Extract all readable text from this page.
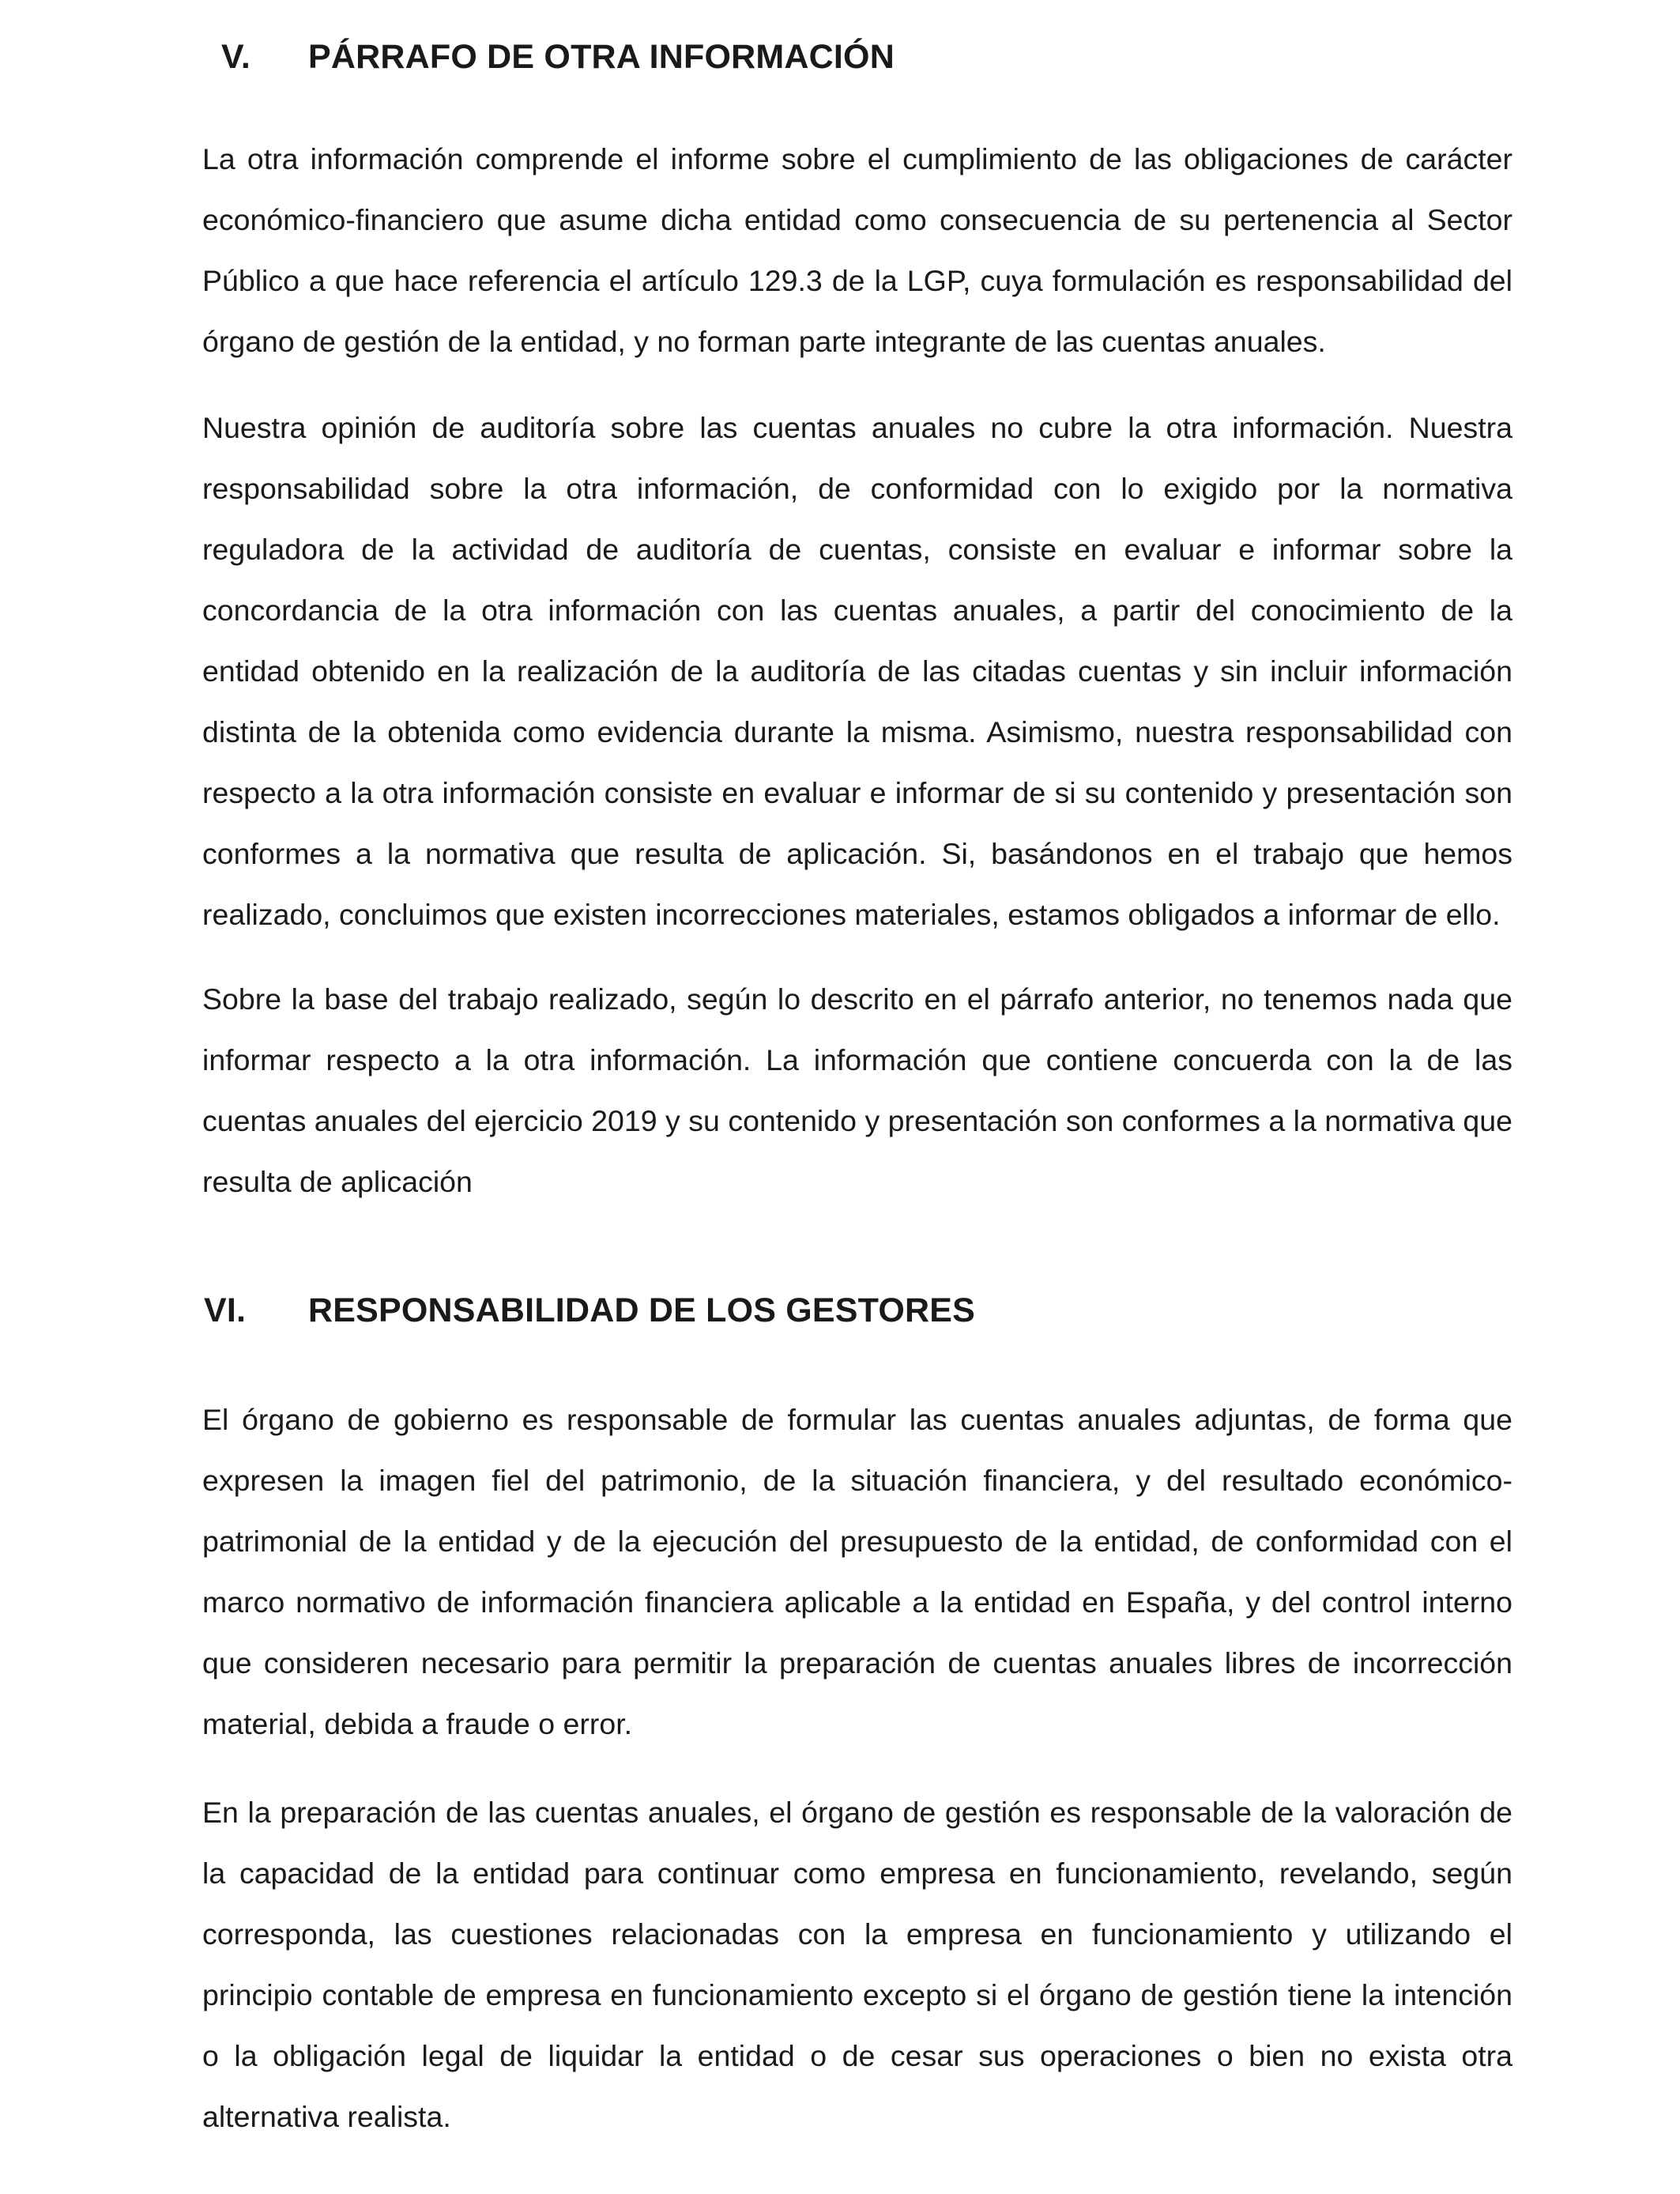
V. PÁRRAFO DE OTRA INFORMACIÓN

La otra información comprende el informe sobre el cumplimiento de las obligaciones de carácter económico-financiero que asume dicha entidad como consecuencia de su pertenencia al Sector Público a que hace referencia el artículo 129.3 de la LGP, cuya formulación es responsabilidad del órgano de gestión de la entidad, y no forman parte integrante de las cuentas anuales.

Nuestra opinión de auditoría sobre las cuentas anuales no cubre la otra información. Nuestra responsabilidad sobre la otra información, de conformidad con lo exigido por la normativa reguladora de la actividad de auditoría de cuentas, consiste en evaluar e informar sobre la concordancia de la otra información con las cuentas anuales, a partir del conocimiento de la entidad obtenido en la realización de la auditoría de las citadas cuentas y sin incluir información distinta de la obtenida como evidencia durante la misma. Asimismo, nuestra responsabilidad con respecto a la otra información consiste en evaluar e informar de si su contenido y presentación son conformes a la normativa que resulta de aplicación. Si, basándonos en el trabajo que hemos realizado, concluimos que existen incorrecciones materiales, estamos obligados a informar de ello.

Sobre la base del trabajo realizado, según lo descrito en el párrafo anterior, no tenemos nada que informar respecto a la otra información. La información que contiene concuerda con la de las cuentas anuales del ejercicio 2019 y su contenido y presentación son conformes a la normativa que resulta de aplicación

VI. RESPONSABILIDAD DE LOS GESTORES

El órgano de gobierno es responsable de formular las cuentas anuales adjuntas, de forma que expresen la imagen fiel del patrimonio, de la situación financiera, y del resultado económico-patrimonial de la entidad y de la ejecución del presupuesto de la entidad, de conformidad con el marco normativo de información financiera aplicable a la entidad en España, y del control interno que consideren necesario para permitir la preparación de cuentas anuales libres de incorrección material, debida a fraude o error.

En la preparación de las cuentas anuales, el órgano de gestión es responsable de la valoración de la capacidad de la entidad para continuar como empresa en funcionamiento, revelando, según corresponda, las cuestiones relacionadas con la empresa en funcionamiento y utilizando el principio contable de empresa en funcionamiento excepto si el órgano de gestión tiene la intención o la obligación legal de liquidar la entidad o de cesar sus operaciones o bien no exista otra alternativa realista.
